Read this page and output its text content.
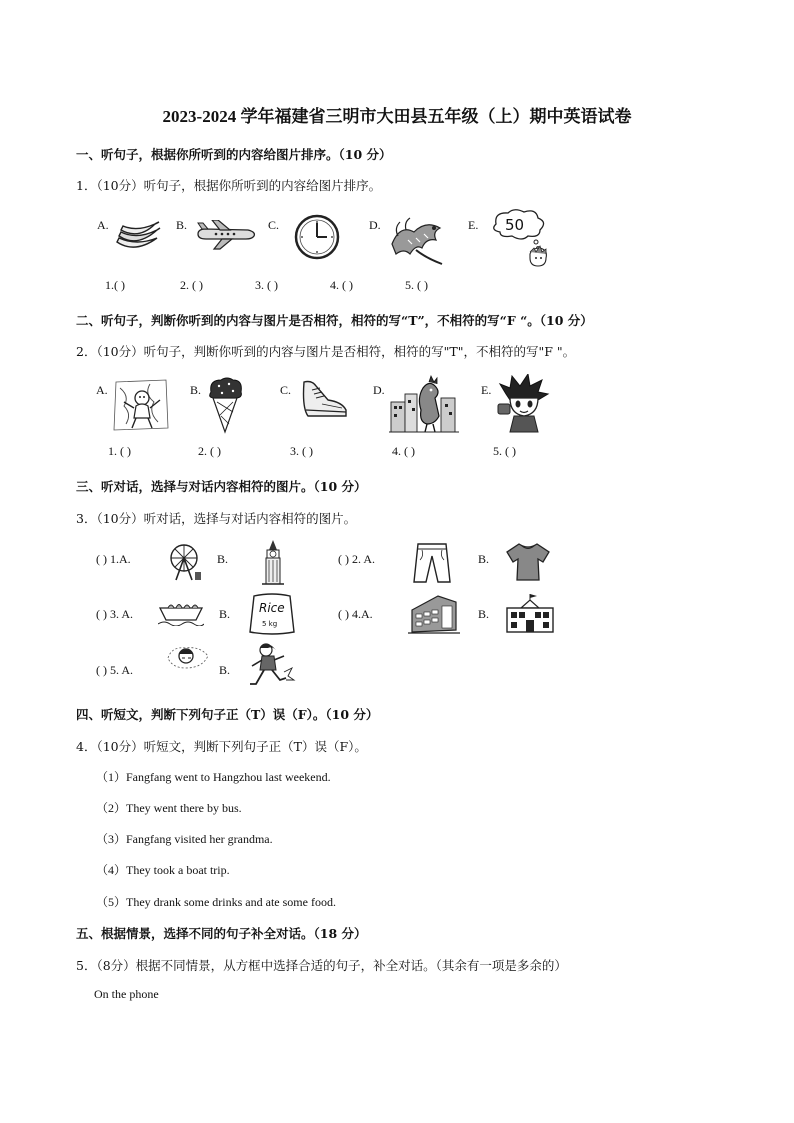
2023-2024 学年福建省三明市大田县五年级（上）期中英语试卷
一、听句子，根据你所听到的内容给图片排序。（10 分）
1．（10分）听句子，根据你所听到的内容给图片排序。
A.	B.	C.	D.	E. 50
1.( )	2. ( )	3. ( )	4. ( )	5. ( )
二、听句子，判断你听到的内容与图片是否相符，相符的写“T”，不相符的写“F “。（10 分）
2．（10分）听句子，判断你听到的内容与图片是否相符，相符的写"T"，不相符的写"F "。
A.	B.	C.	D.	E.
1. ( )	2. ( )	3. ( )	4. ( )	5. ( )
三、听对话，选择与对话内容相符的图片。（10 分）
3．（10分）听对话，选择与对话内容相符的图片。
( ) 1.A.	B.	( ) 2. A.	B.
( ) 3. A.	B. Rice
5 kg
( ) 4.A.	B.
( ) 5. A.	B.
四、听短文，判断下列句子正（T）误（F）。（10 分）
4．（10分）听短文，判断下列句子正（T）误（F）。
（1）Fangfang went to Hangzhou last weekend.
（2）They went there by bus.
（3）Fangfang visited her grandma.
（4）They took a boat trip.
（5）They drank some drinks and ate some food.
五、根据情景，选择不同的句子补全对话。（18 分）
5．（8分）根据不同情景，从方框中选择合适的句子，补全对话。（其余有一项是多余的）
On the phone
